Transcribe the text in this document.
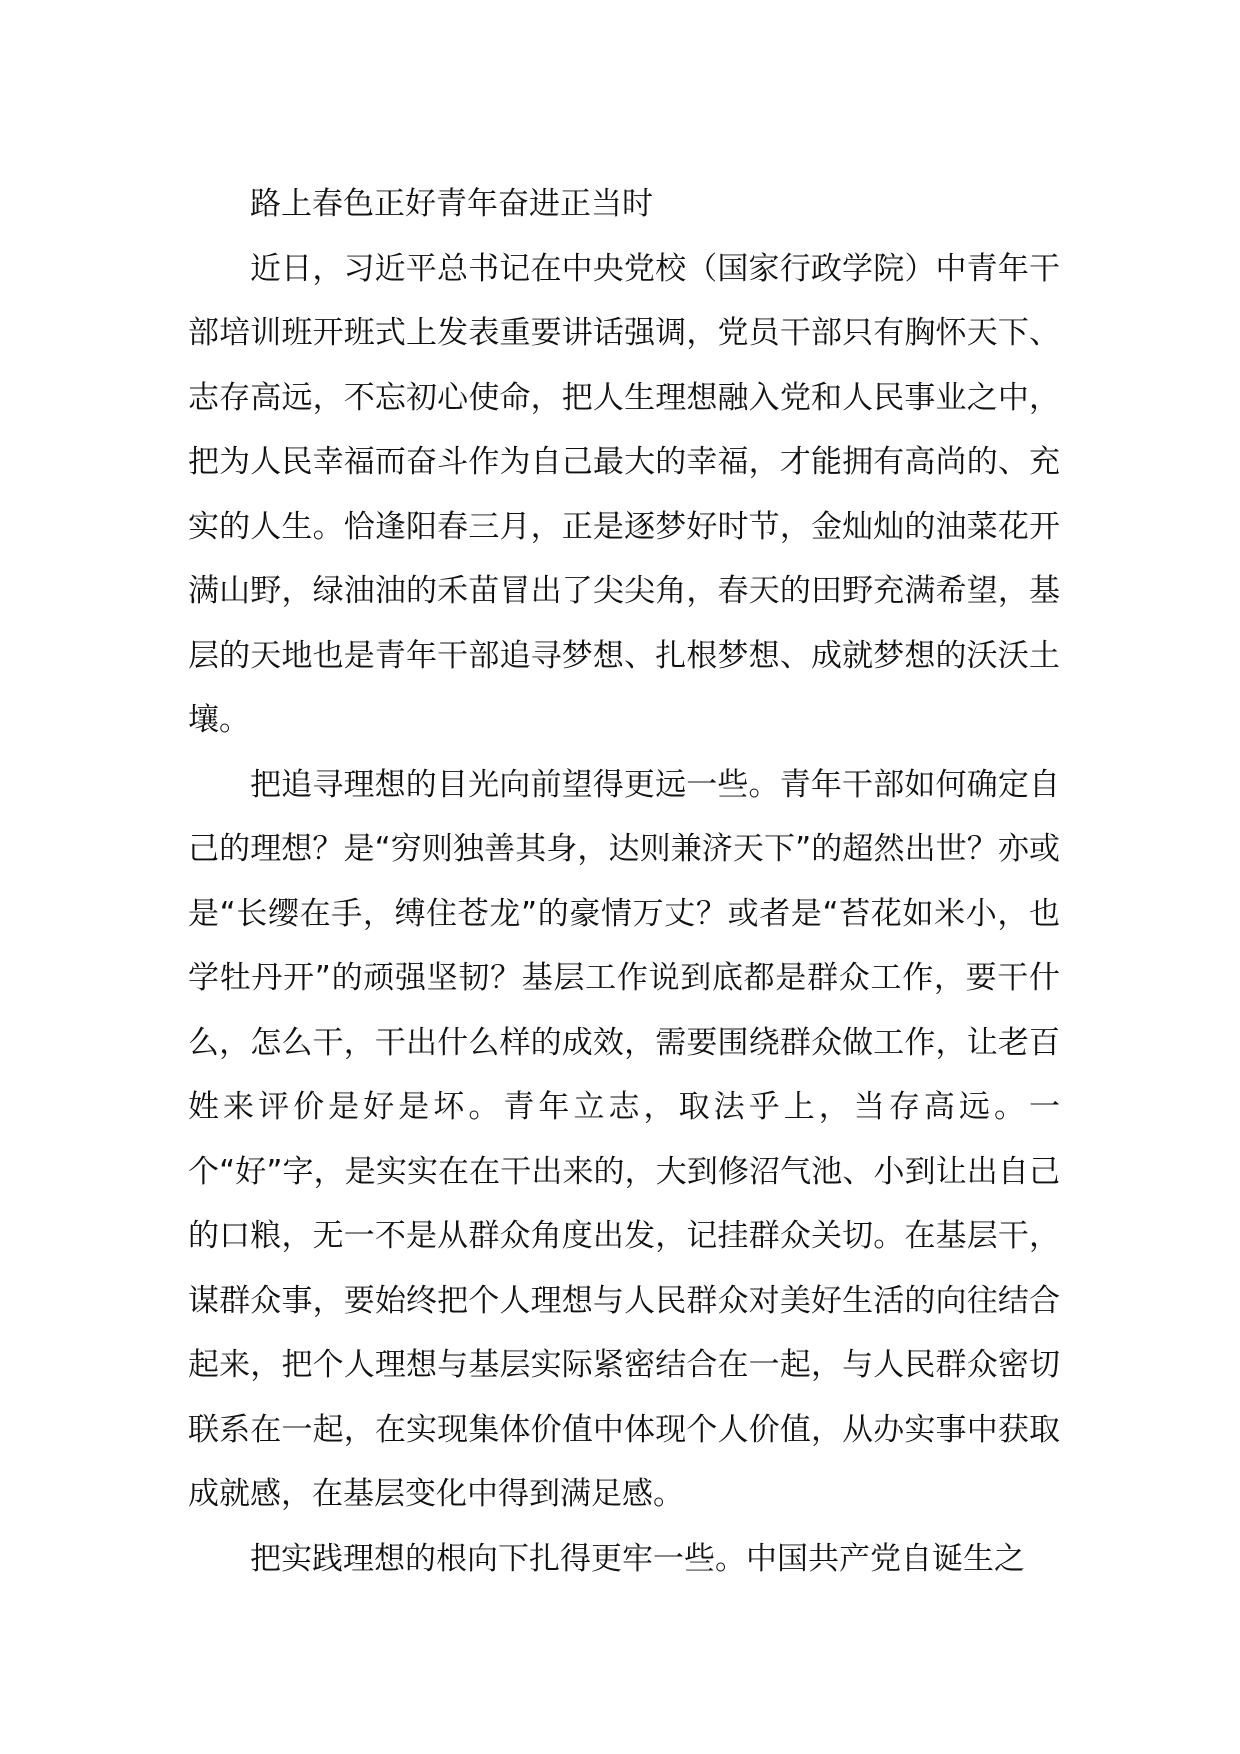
路上春色正好青年奋进正当时

近日，习近平总书记在中央党校（国家行政学院）中青年干部培训班开班式上发表重要讲话强调，党员干部只有胸怀天下、志存高远，不忘初心使命，把人生理想融入党和人民事业之中，把为人民幸福而奋斗作为自己最大的幸福，才能拥有高尚的、充实的人生。恰逢阳春三月，正是逐梦好时节，金灿灿的油菜花开满山野，绿油油的禾苗冒出了尖尖角，春天的田野充满希望，基层的天地也是青年干部追寻梦想、扎根梦想、成就梦想的沃沃土壤。

把追寻理想的目光向前望得更远一些。青年干部如何确定自己的理想？是“穷则独善其身，达则兼济天下”的超然出世？亦或是“长缨在手，缚住苍龙”的豪情万丈？或者是“苔花如米小，也学牡丹开”的顽强坚韧？基层工作说到底都是群众工作，要干什么，怎么干，干出什么样的成效，需要围绕群众做工作，让老百姓来评价是好是坏。青年立志，取法乎上，当存高远。一个“好”字，是实实在在干出来的，大到修沼气池、小到让出自己的口粮，无一不是从群众角度出发，记挂群众关切。在基层干，谋群众事，要始终把个人理想与人民群众对美好生活的向往结合起来，把个人理想与基层实际紧密结合在一起，与人民群众密切联系在一起，在实现集体价值中体现个人价值，从办实事中获取成就感，在基层变化中得到满足感。

把实践理想的根向下扎得更牢一些。中国共产党自诞生之
